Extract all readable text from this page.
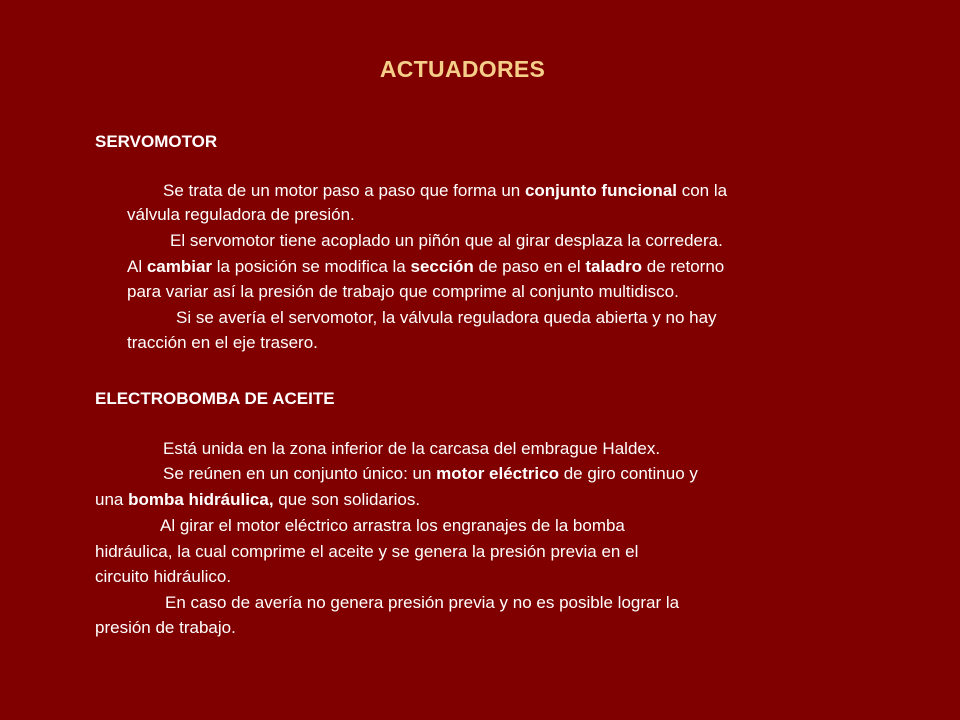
ACTUADORES
SERVOMOTOR
Se trata de un motor paso a paso que forma un conjunto funcional con la
válvula reguladora de presión.
El servomotor tiene acoplado un piñón que al girar desplaza la corredera.
Al cambiar la posición se modifica la sección de paso en el taladro de retorno
para variar así la presión de trabajo que comprime al conjunto multidisco.
Si se avería el servomotor, la válvula reguladora queda abierta y no hay
tracción en el eje trasero.
ELECTROBOMBA DE ACEITE
Está unida en la zona inferior de la carcasa del embrague Haldex.
Se reúnen en un conjunto único: un motor eléctrico de giro continuo y
una bomba hidráulica, que son solidarios.
Al girar el motor eléctrico arrastra los engranajes de la bomba
hidráulica, la cual comprime el aceite y se genera la presión previa en el
circuito hidráulico.
En caso de avería no genera presión previa y no es posible lograr la
presión de trabajo.
